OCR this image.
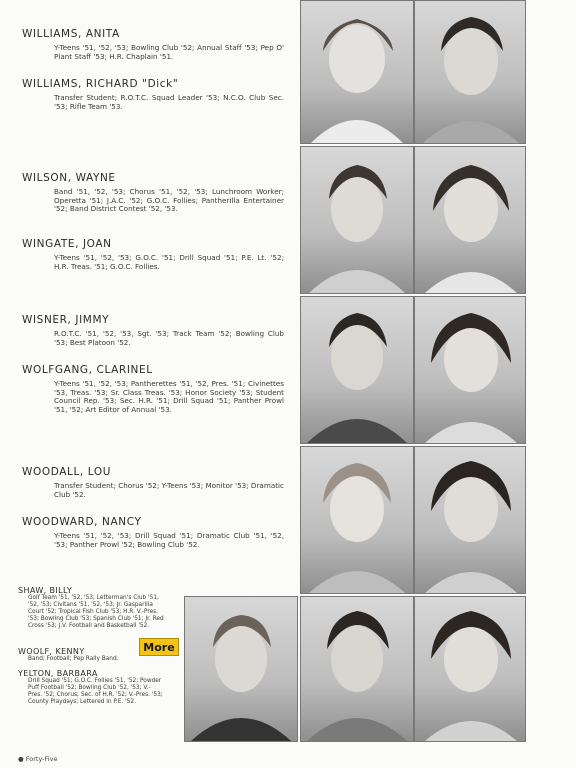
WILLIAMS, ANITA

Y-Teens '51, '52, '53; Bowling Club '52; Annual Staff '53; Pep O' Plant Staff '53; H.R. Chaplain '51.

WILLIAMS, RICHARD "Dick"

Transfer Student; R.O.T.C. Squad Leader '53; N.C.O. Club Sec. '53; Rifle Team '53.

WILSON, WAYNE

Band '51, '52, '53; Chorus '51, '52, '53; Lunchroom Worker; Operetta '51; J.A.C. '52; G.O.C. Follies; Pantherilla Entertainer '52; Band District Contest '52, '53.

WINGATE, JOAN

Y-Teens '51, '52, '53; G.O.C. '51; Drill Squad '51; P.E. Lt. '52; H.R. Treas. '51; G.O.C. Follies.

WISNER, JIMMY

R.O.T.C. '51, '52, '53, Sgt. '53; Track Team '52; Bowling Club '53; Best Platoon '52.

WOLFGANG, CLARINEL

Y-Teens '51, '52, '53; Pantherettes '51, '52, Pres. '51; Civinettes '53, Treas. '53; Sr. Class Treas. '53; Honor Society '53; Student Council Rep. '53; Sec. H.R. '51; Drill Squad '51; Panther Prowl '51, '52; Art Editor of Annual '53.

WOODALL, LOU

Transfer Student; Chorus '52; Y-Teens '53; Monitor '53; Dramatic Club '52.

WOODWARD, NANCY

Y-Teens '51, '52, '53; Drill Squad '51; Dramatic Club '51, '52, '53; Panther Prowl '52; Bowling Club '52.

SHAW, BILLY

Golf Team '51, '52, '53; Letterman's Club '51, '52, '53; Civitans '51, '52, '53; Jr. Gasparilla Court '52; Tropical Fish Club '53; H.R. V.-Pres. '53; Bowling Club '53; Spanish Club '51; Jr. Red Cross '53; J.V. Football and Basketball '52.

WOOLF, KENNY

Band; Football; Pep Rally Band.

YELTON, BARBARA

Drill Squad '51; G.O.C. Follies '51, '52; Powder Puff Football '52; Bowling Club '52, '53; V.-Pres. '52; Chorus; Sec. of H.R. '52; V.-Pres. '53; County Playdays; Lettered in P.E. '52.
More
● Forty-Five
